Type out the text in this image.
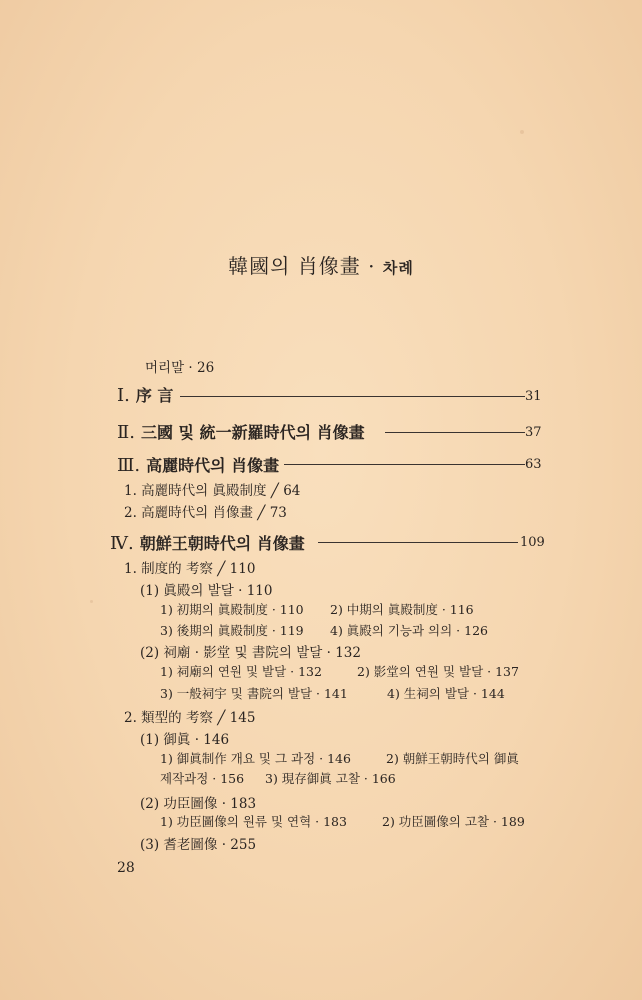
韓國의 肖像畫 · 차례
머리말 · 26
Ⅰ. 序 言	31
Ⅱ. 三國 및 統一新羅時代의 肖像畫	37
Ⅲ. 高麗時代의 肖像畫	63
1. 高麗時代의 眞殿制度 ╱ 64
2. 高麗時代의 肖像畫 ╱ 73
Ⅳ. 朝鮮王朝時代의 肖像畫	109
1. 制度的 考察 ╱ 110
(1) 眞殿의 발달 · 110
1) 初期의 眞殿制度 · 110 2) 中期의 眞殿制度 · 116
3) 後期의 眞殿制度 · 119 4) 眞殿의 기능과 의의 · 126
(2) 祠廟 · 影堂 및 書院의 발달 · 132
1) 祠廟의 연원 및 발달 · 132	2) 影堂의 연원 및 발달 · 137
3) 一般祠宇 및 書院의 발달 · 141	4) 生祠의 발달 · 144
2. 類型的 考察 ╱ 145
(1) 御眞 · 146
1) 御眞制作 개요 및 그 과정 · 146	2) 朝鮮王朝時代의 御眞
제작과정 · 156 3) 現存御眞 고찰 · 166
(2) 功臣圖像 · 183
1) 功臣圖像의 원류 및 연혁 · 183	2) 功臣圖像의 고찰 · 189
(3) 耆老圖像 · 255
28
